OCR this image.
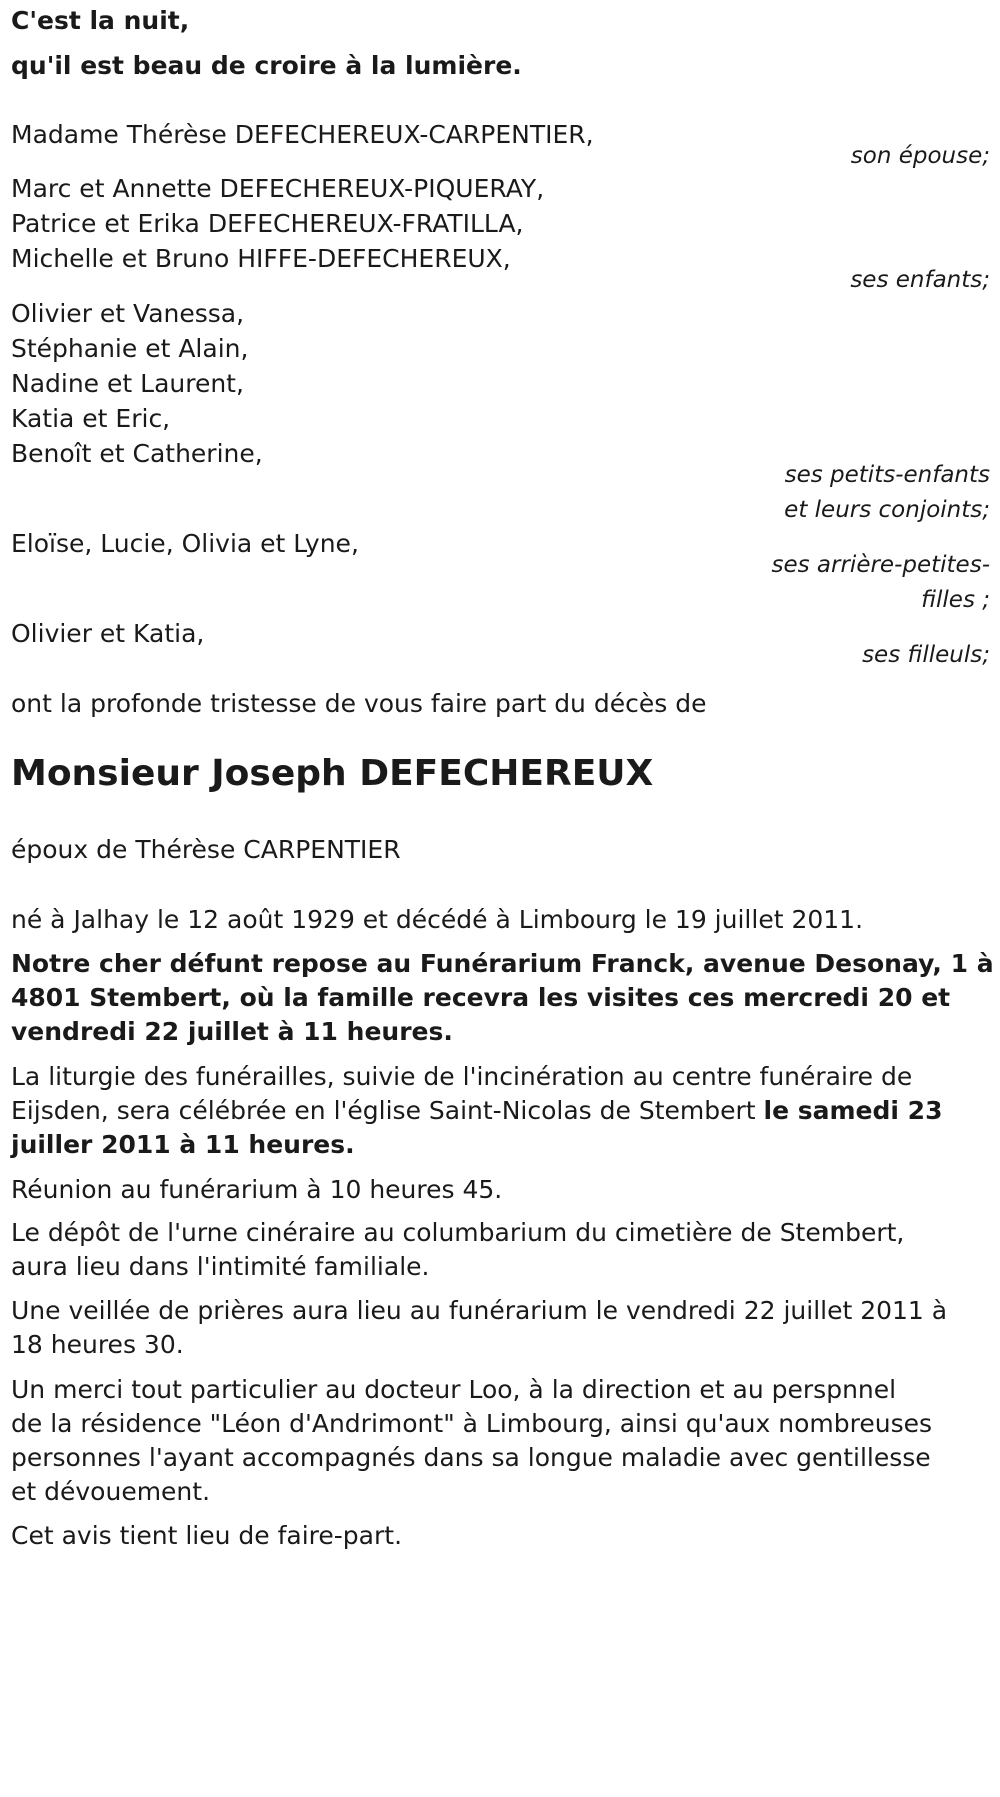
C'est la nuit,

qu'il est beau de croire à la lumière.

Madame Thérèse DEFECHEREUX-CARPENTIER,

son épouse;

Marc et Annette DEFECHEREUX-PIQUERAY,

Patrice et Erika DEFECHEREUX-FRATILLA,

Michelle et Bruno HIFFE-DEFECHEREUX,

ses enfants;

Olivier et Vanessa,

Stéphanie et Alain,

Nadine et Laurent,

Katia et Eric,

Benoît et Catherine,

ses petits-enfants

et leurs conjoints;

Eloïse, Lucie, Olivia et Lyne,

ses arrière-petites-

filles ;

Olivier et Katia,

ses filleuls;

ont la profonde tristesse de vous faire part du décès de

Monsieur Joseph DEFECHEREUX

époux de Thérèse CARPENTIER

né à Jalhay le 12 août 1929 et décédé à Limbourg le 19 juillet 2011.

Notre cher défunt repose au Funérarium Franck, avenue Desonay, 1 à

4801 Stembert, où la famille recevra les visites ces mercredi 20 et

vendredi 22 juillet à 11 heures.

La liturgie des funérailles, suivie de l'incinération au centre funéraire de

Eijsden, sera célébrée en l'église Saint-Nicolas de Stembert le samedi 23

juiller 2011 à 11 heures.

Réunion au funérarium à 10 heures 45.

Le dépôt de l'urne cinéraire au columbarium du cimetière de Stembert,

aura lieu dans l'intimité familiale.

Une veillée de prières aura lieu au funérarium le vendredi 22 juillet 2011 à

18 heures 30.

Un merci tout particulier au docteur Loo, à la direction et au perspnnel

de la résidence "Léon d'Andrimont" à Limbourg, ainsi qu'aux nombreuses

personnes l'ayant accompagnés dans sa longue maladie avec gentillesse

et dévouement.

Cet avis tient lieu de faire-part.
